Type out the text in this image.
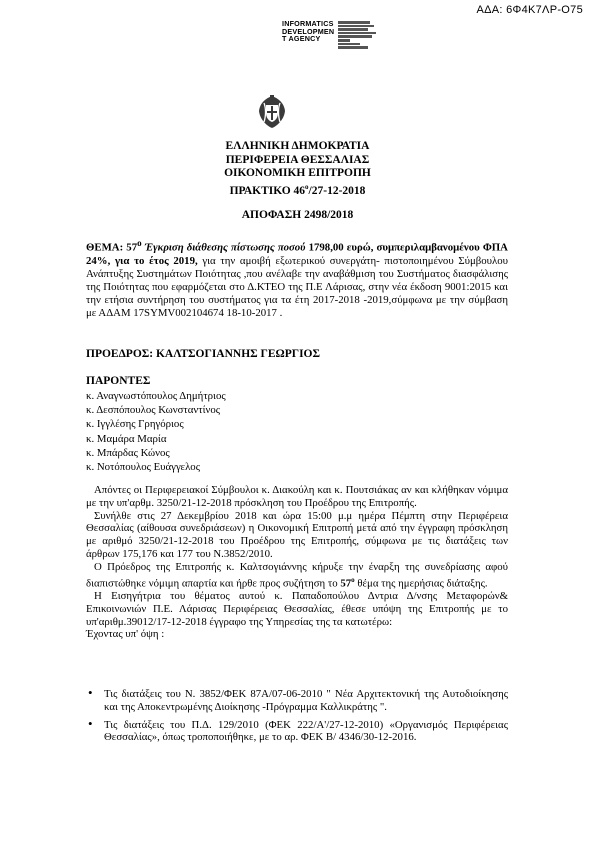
ΑΔΑ: 6Φ4Κ7ΛΡ-Ο75
INFORMATICS
DEVELOPMEN
T AGENCY
ΕΛΛΗΝΙΚΗ ΔΗΜΟΚΡΑΤΙΑ
ΠΕΡΙΦΕΡΕΙΑ ΘΕΣΣΑΛΙΑΣ
ΟΙΚΟΝΟΜΙΚΗ ΕΠΙΤΡΟΠΗ
ΠΡΑΚΤΙΚΟ $46^o/27-12-2018$
ΑΠΟΦΑΣΗ 2498/2018
ΘΕΜΑ: $57^o$ Έγκριση διάθεσης πίστωσης ποσού 1798,00 ευρώ, συμπεριλαμβανομένου ΦΠΑ 24%, για το έτος 2019, για την αμοιβή εξωτερικού συνεργάτη- πιστοποιημένου Σύμβουλου Ανάπτυξης Συστημάτων Ποιότητας ,που ανέλαβε την αναβάθμιση του Συστήματος διασφάλισης της Ποιότητας που εφαρμόζεται στο Δ.ΚΤΕΟ της Π.Ε Λάρισας, στην νέα έκδοση 9001:2015 και την ετήσια συντήρηση του συστήματος για τα έτη 2017-2018 -2019,σύμφωνα με την σύμβαση με ΑΔΑΜ 17SYMV002104674 18-10-2017 .
ΠΡΟΕΔΡΟΣ: ΚΑΛΤΣΟΓΙΑΝΝΗΣ ΓΕΩΡΓΙΟΣ
ΠΑΡΟΝΤΕΣ
κ. Αναγνωστόπουλος Δημήτριος
κ. Δεσπόπουλος Κωνσταντίνος
κ. Ιγγλέσης Γρηγόριος
κ. Μαμάρα Μαρία
κ. Μπάρδας Κώνος
κ. Νοτόπουλος Ευάγγελος

Απόντες οι Περιφερειακοί Σύμβουλοι κ. Διακούλη και κ. Πουτσιάκας αν και κλήθηκαν νόμιμα με την υπ'αρθμ. 3250/21-12-2018 πρόσκληση του Προέδρου της Επιτροπής.

Συνήλθε στις 27 Δεκεμβρίου 2018 και ώρα 15:00 μ.μ ημέρα Πέμπτη στην Περιφέρεια Θεσσαλίας (αίθουσα συνεδριάσεων) η Οικονομική Επιτροπή μετά από την έγγραφη πρόσκληση με αριθμό 3250/21-12-2018 του Προέδρου της Επιτροπής, σύμφωνα με τις διατάξεις των άρθρων 175,176 και 177 του Ν.3852/2010.

Ο Πρόεδρος της Επιτροπής κ. Καλτσογιάννης κήρυξε την έναρξη της συνεδρίασης αφού διαπιστώθηκε νόμιμη απαρτία και ήρθε προς συζήτηση το $57^o$ θέμα της ημερήσιας διάταξης.

Η Εισηγήτρια του θέματος αυτού κ. Παπαδοπούλου Δντρια Δ/νσης Μεταφορών& Επικοινωνιών Π.Ε. Λάρισας Περιφέρειας Θεσσαλίας, έθεσε υπόψη της Επιτροπής με το υπ'αριθμ.39012/17-12-2018 έγγραφο της Υπηρεσίας της τα κατωτέρω:

Έχοντας υπ' όψη :

• Τις διατάξεις του Ν. 3852/ΦΕΚ 87Α/07-06-2010 " Νέα Αρχιτεκτονική της Αυτοδιοίκησης και της Αποκεντρωμένης Διοίκησης -Πρόγραμμα Καλλικράτης ".
• Τις διατάξεις του Π.Δ. 129/2010 (ΦΕΚ 222/Α'/27-12-2010) «Οργανισμός Περιφέρειας Θεσσαλίας», όπως τροποποιήθηκε, με το αρ. ΦΕΚ Β/ 4346/30-12-2016.
